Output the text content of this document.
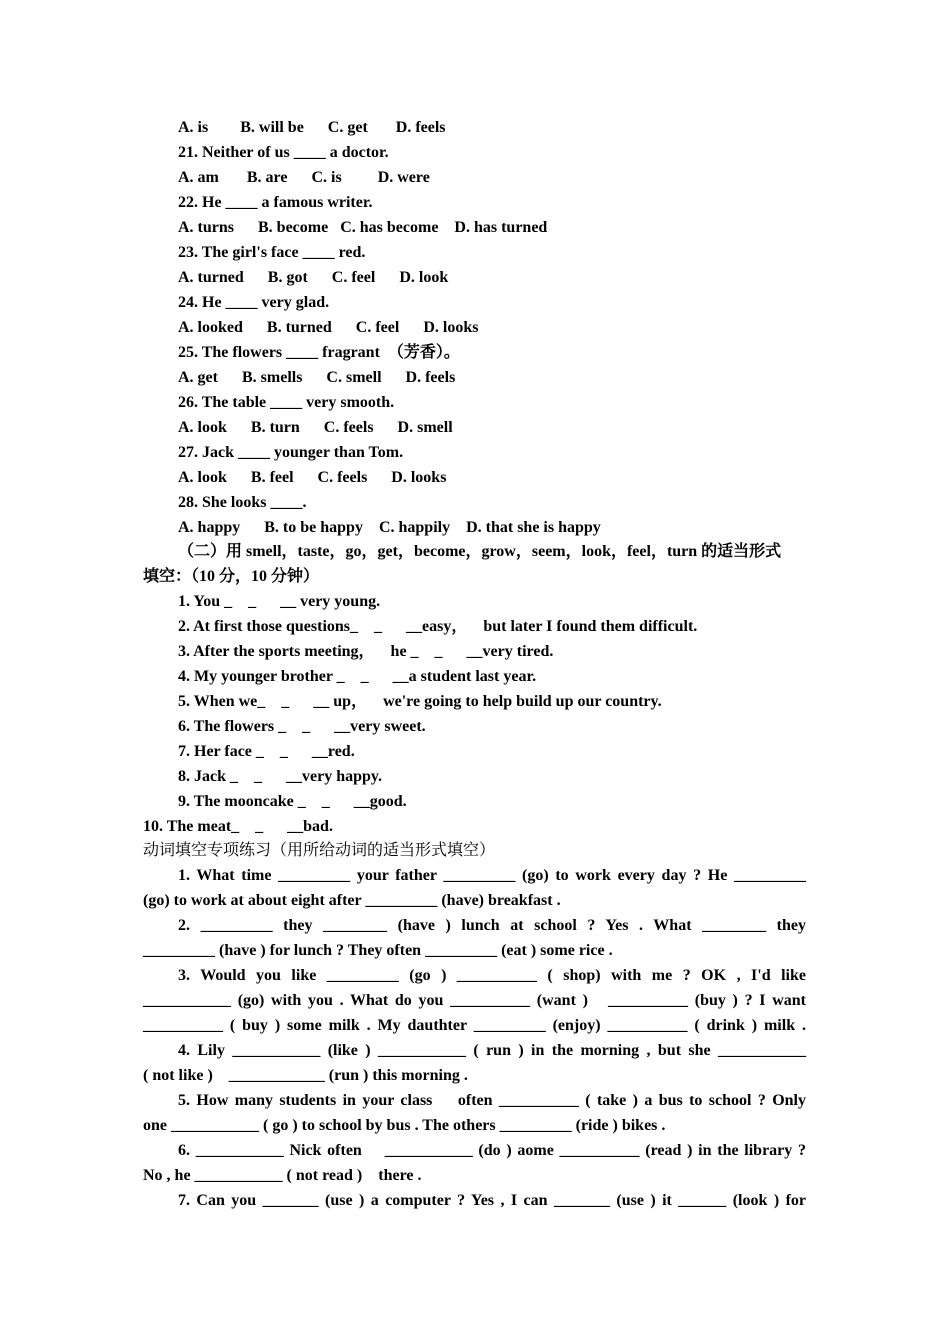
A. is        B. will be      C. get       D. feels
21. Neither of us ____ a doctor.
A. am       B. are      C. is         D. were
22. He ____ a famous writer.
A. turns      B. become   C. has become    D. has turned
23. The girl's face ____ red.
A. turned      B. got      C. feel      D. look
24. He ____ very glad.
A. looked      B. turned      C. feel      D. looks
25. The flowers ____ fragrant  （芳香）。
A. get      B. smells      C. smell      D. feels
26. The table ____ very smooth.
A. look      B. turn      C. feels      D. smell
27. Jack ____ younger than Tom.
A. look      B. feel      C. feels      D. looks
28. She looks ____.
A. happy      B. to be happy    C. happily    D. that she is happy
（二）用 smell，taste，go，get，become，grow，seem，look，feel，turn 的适当形式
填空：（10 分，10 分钟）
1. You _    _      __ very young.
2. At first those questions_    _      __easy，    but later I found them difficult.
3. After the sports meeting，    he _    _      __very tired.
4. My younger brother _    _      __a student last year.
5. When we_    _      __ up，    we're going to help build up our country.
6. The flowers _    _      __very sweet.
7. Her face _    _      __red.
8. Jack _    _      __very happy.
9. The mooncake _    _      __good.
10. The meat_    _      __bad.
动词填空专项练习（用所给动词的适当形式填空）
1. What time _________ your father _________ (go) to work every day ? He _________
(go) to work at about eight after _________ (have) breakfast .
2. _________ they ________ (have ) lunch at school ? Yes . What ________ they
_________ (have ) for lunch ? They often _________ (eat ) some rice .
3. Would you like _________ (go ) __________ ( shop) with me ? OK , I'd like
___________ (go) with you . What do you __________ (want )   __________ (buy ) ? I want
__________ ( buy ) some milk . My dauthter _________ (enjoy) __________ ( drink ) milk .
4. Lily ___________ (like ) ___________ ( run ) in the morning , but she ___________
( not like )    ____________ (run ) this morning .
5. How many students in your class    often __________ ( take ) a bus to school ? Only
one ___________ ( go ) to school by bus . The others _________ (ride ) bikes .
6. ___________ Nick often    ___________ (do ) aome __________ (read ) in the library ?
No , he ___________ ( not read )    there .
7. Can you _______ (use ) a computer ? Yes , I can _______ (use ) it ______ (look ) for
